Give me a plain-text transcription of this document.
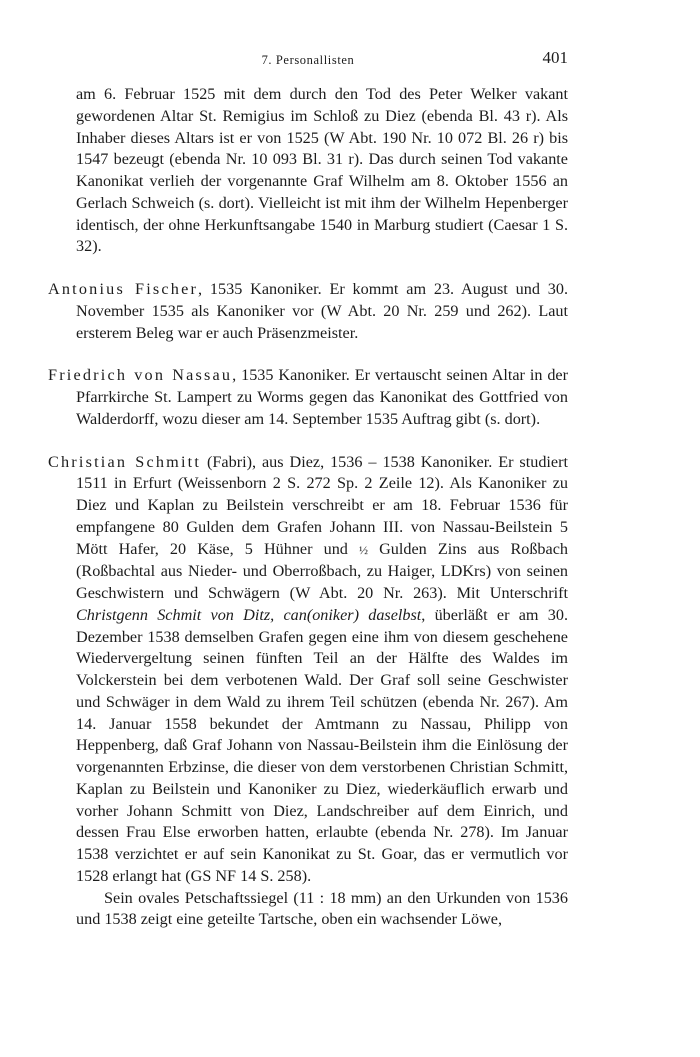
7. Personallisten	401

am 6. Februar 1525 mit dem durch den Tod des Peter Welker vakant gewordenen Altar St. Remigius im Schloß zu Diez (ebenda Bl. 43 r). Als Inhaber dieses Altars ist er von 1525 (W Abt. 190 Nr. 10 072 Bl. 26 r) bis 1547 bezeugt (ebenda Nr. 10 093 Bl. 31 r). Das durch seinen Tod vakante Kanonikat verlieh der vorgenannte Graf Wilhelm am 8. Oktober 1556 an Gerlach Schweich (s. dort). Vielleicht ist mit ihm der Wilhelm Hepenberger identisch, der ohne Herkunftsangabe 1540 in Marburg studiert (Caesar 1 S. 32).

Antonius Fischer, 1535 Kanoniker. Er kommt am 23. August und 30. November 1535 als Kanoniker vor (W Abt. 20 Nr. 259 und 262). Laut ersterem Beleg war er auch Präsenzmeister.

Friedrich von Nassau, 1535 Kanoniker. Er vertauscht seinen Altar in der Pfarrkirche St. Lampert zu Worms gegen das Kanonikat des Gottfried von Walderdorff, wozu dieser am 14. September 1535 Auftrag gibt (s. dort).

Christian Schmitt (Fabri), aus Diez, 1536 – 1538 Kanoniker. Er studiert 1511 in Erfurt (Weissenborn 2 S. 272 Sp. 2 Zeile 12). Als Kanoniker zu Diez und Kaplan zu Beilstein verschreibt er am 18. Februar 1536 für empfangene 80 Gulden dem Grafen Johann III. von Nassau-Beilstein 5 Mött Hafer, 20 Käse, 5 Hühner und ½ Gulden Zins aus Roßbach (Roßbachtal aus Nieder- und Oberroßbach, zu Haiger, LDKrs) von seinen Geschwistern und Schwägern (W Abt. 20 Nr. 263). Mit Unterschrift Christgenn Schmit von Ditz, can(oniker) daselbst, überläßt er am 30. Dezember 1538 demselben Grafen gegen eine ihm von diesem geschehene Wiedervergeltung seinen fünften Teil an der Hälfte des Waldes im Volckerstein bei dem verbotenen Wald. Der Graf soll seine Geschwister und Schwäger in dem Wald zu ihrem Teil schützen (ebenda Nr. 267). Am 14. Januar 1558 bekundet der Amtmann zu Nassau, Philipp von Heppenberg, daß Graf Johann von Nassau-Beilstein ihm die Einlösung der vorgenannten Erbzinse, die dieser von dem verstorbenen Christian Schmitt, Kaplan zu Beilstein und Kanoniker zu Diez, wiederkäuflich erwarb und vorher Johann Schmitt von Diez, Landschreiber auf dem Einrich, und dessen Frau Else erworben hatten, erlaubte (ebenda Nr. 278). Im Januar 1538 verzichtet er auf sein Kanonikat zu St. Goar, das er vermutlich vor 1528 erlangt hat (GS NF 14 S. 258).

Sein ovales Petschaftssiegel (11 : 18 mm) an den Urkunden von 1536 und 1538 zeigt eine geteilte Tartsche, oben ein wachsender Löwe,
